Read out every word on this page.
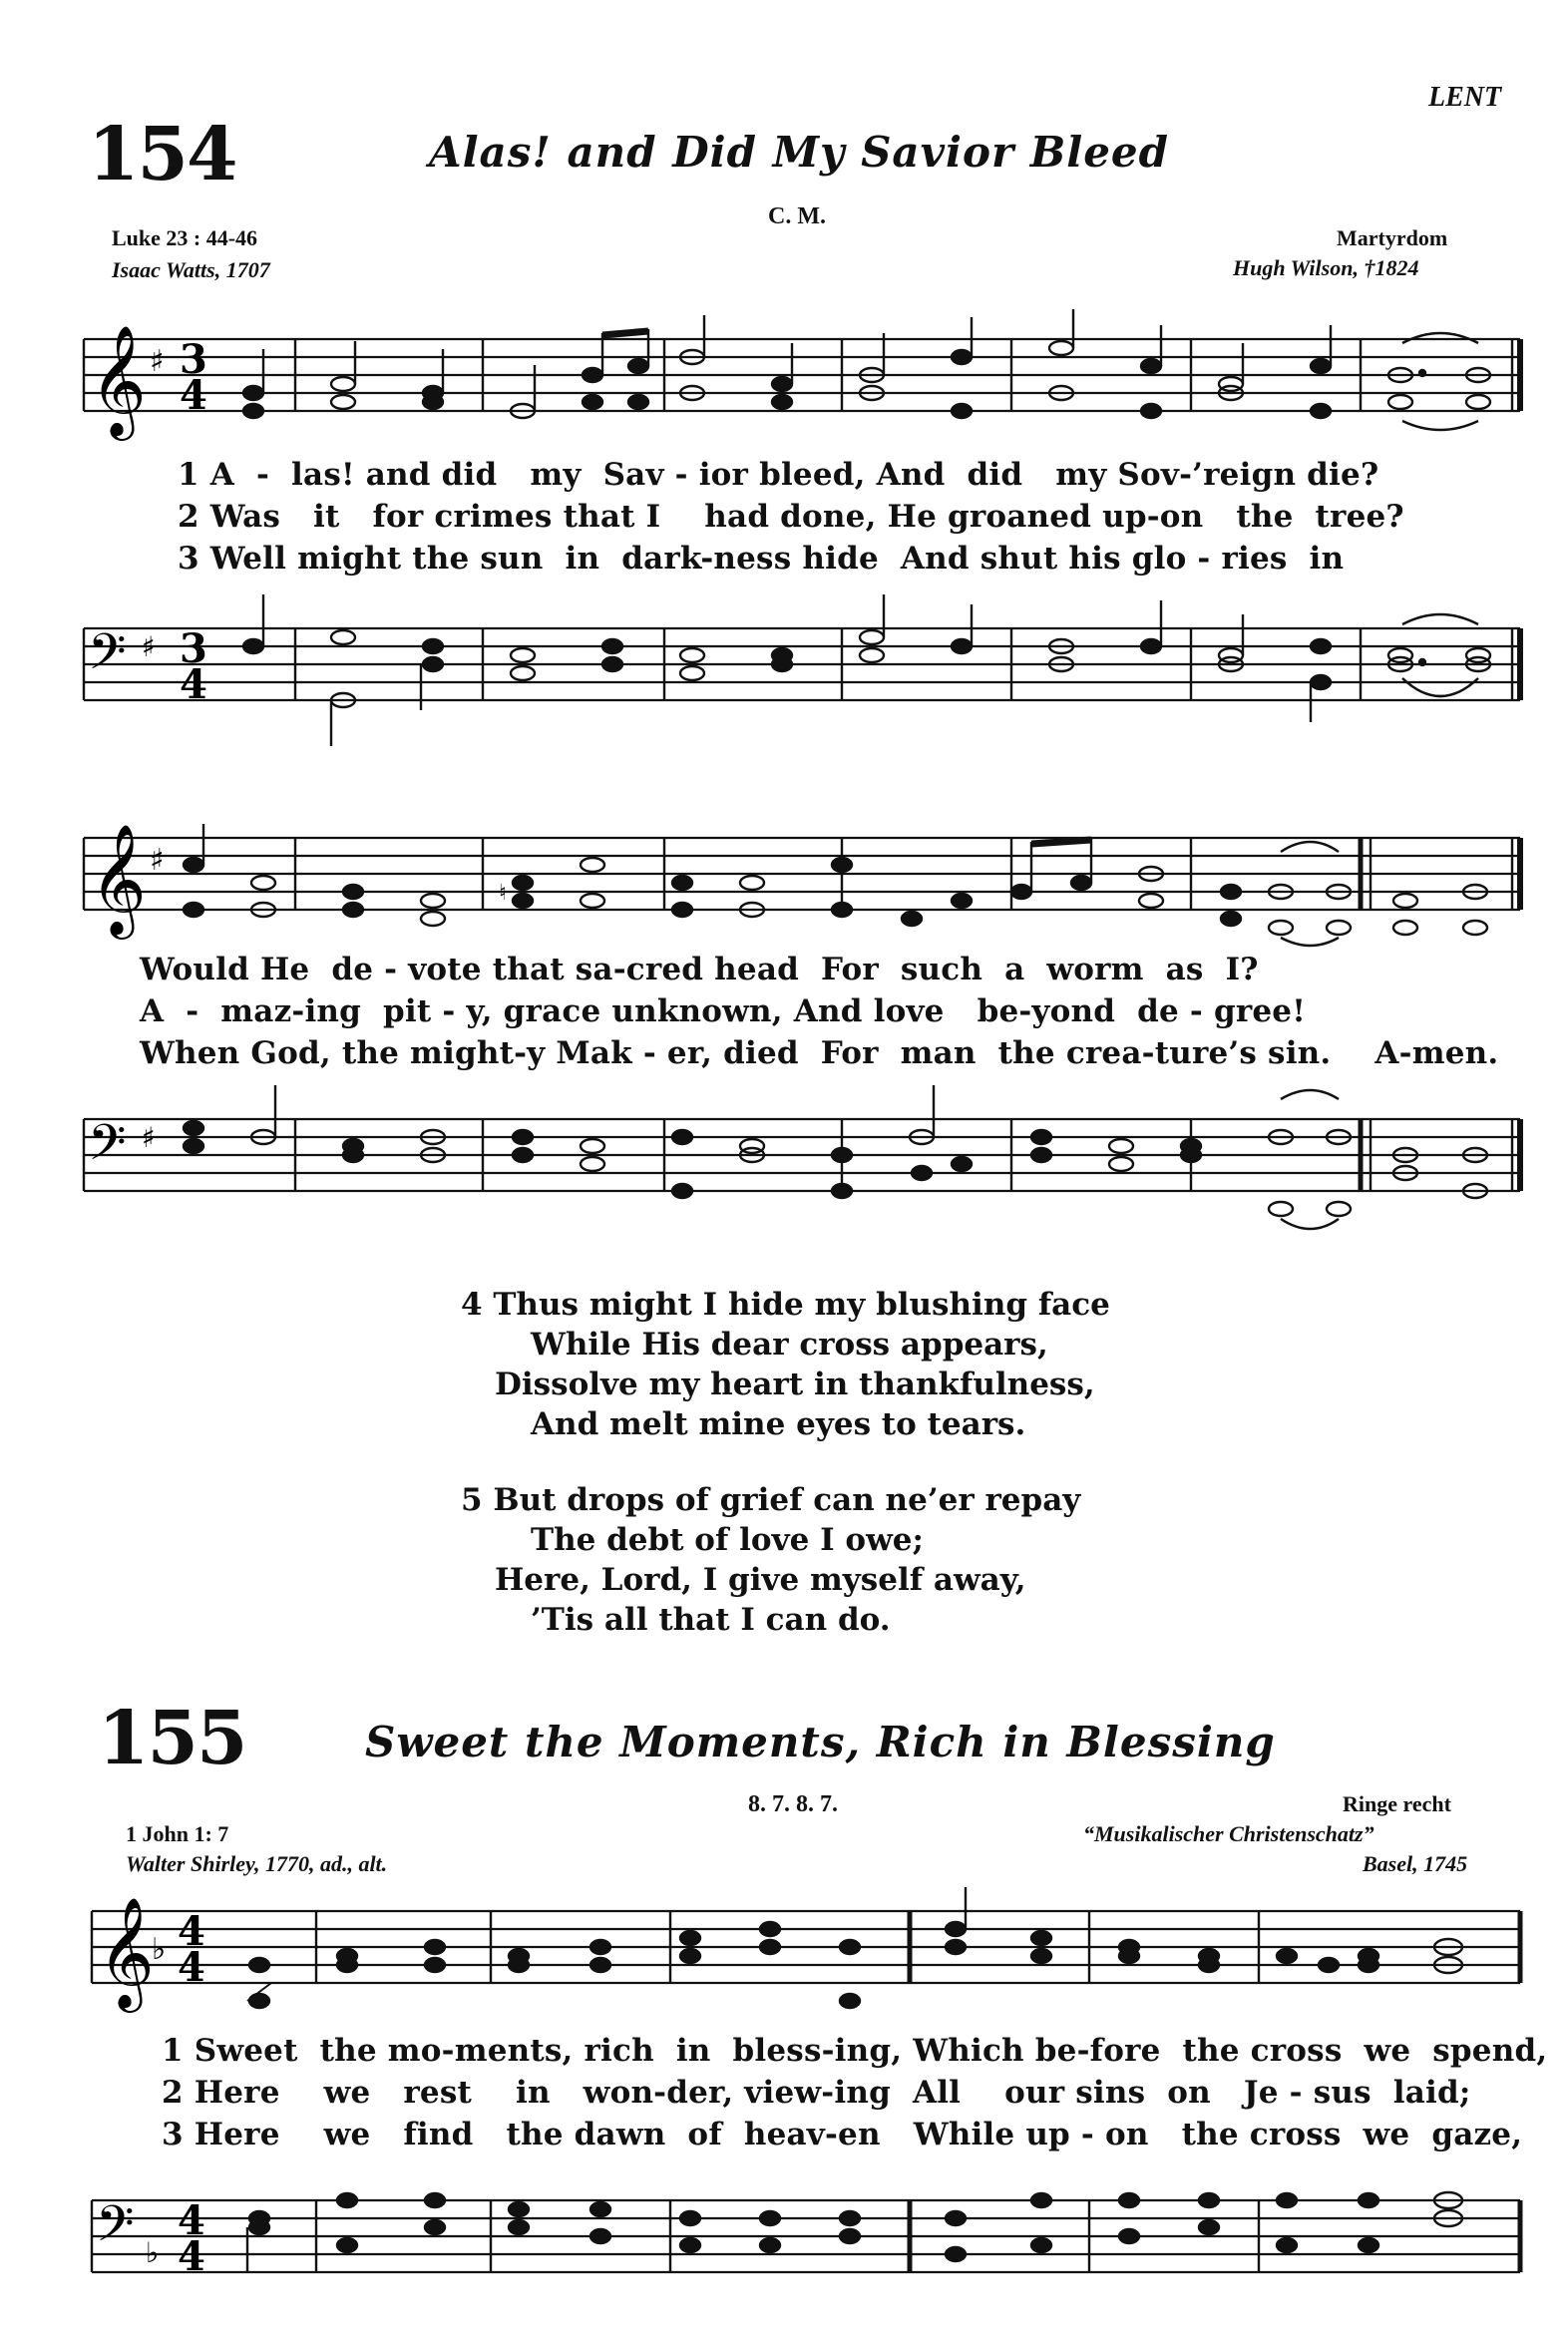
LENT
154	Alas! and Did My Savior Bleed
C. M.
Luke 23 : 44-46
Isaac Watts, 1707
Martyrdom
Hugh Wilson, †1824
𝄞 ♯ 3
4
1 A  -  las! and did   my  Sav - ior bleed, And  did   my Sov-’reign die?
2 Was   it   for crimes that I    had done, He groaned up-on   the  tree?
3 Well might the sun  in  dark-ness hide  And shut his glo - ries  in
𝄢 ♯ 3
4
𝄞 ♯
♮
Would He  de - vote that sa-cred head  For  such  a  worm  as  I?
A  -  maz-ing  pit - y, grace unknown, And love   be-yond  de - gree!
When God, the might-y Mak - er, died  For  man  the crea-ture’s sin.    A-men.
𝄢 ♯
4 Thus might I hide my blushing face
While His dear cross appears,
Dissolve my heart in thankfulness,
And melt mine eyes to tears.
5 But drops of grief can ne’er repay
The debt of love I owe;
Here, Lord, I give myself away,
’Tis all that I can do.
155	Sweet the Moments, Rich in Blessing
8. 7. 8. 7.	Ringe recht
1 John 1: 7	“Musikalischer Christenschatz”
Walter Shirley, 1770, ad., alt.	Basel, 1745
𝄞
♭ 4
4
1 Sweet  the mo-ments, rich  in  bless-ing, Which be-fore  the cross  we  spend,
2 Here    we   rest    in   won-der, view-ing  All    our sins  on   Je - sus  laid;
3 Here    we   find   the dawn  of  heav-en   While up - on   the cross  we  gaze,
𝄢 ♭
4
4
